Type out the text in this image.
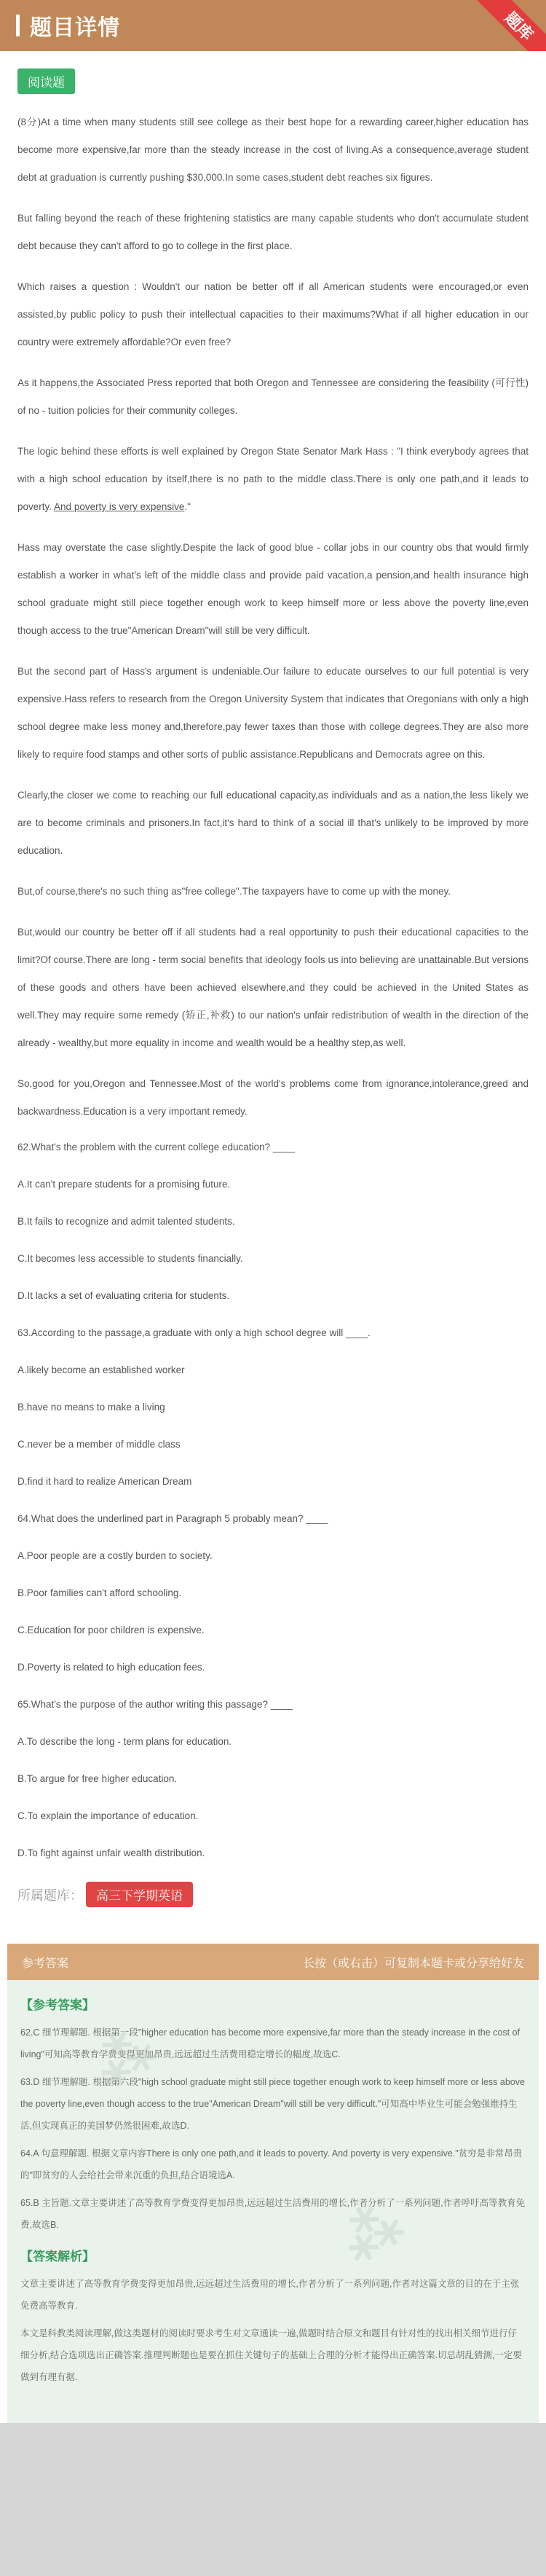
题目详情	题库
阅读题

(8分)At a time when many students still see college as their best hope for a rewarding career,higher education has become more expensive,far more than the steady increase in the cost of living.As a consequence,average student debt at graduation is currently pushing $30,000.In some cases,student debt reaches six figures.

But falling beyond the reach of these frightening statistics are many capable students who don't accumulate student debt because they can't afford to go to college in the first place.

Which raises a question : Wouldn't our nation be better off if all American students were encouraged,or even assisted,by public policy to push their intellectual capacities to their maximums?What if all higher education in our country were extremely affordable?Or even free?

As it happens,the Associated Press reported that both Oregon and Tennessee are considering the feasibility (可行性) of no - tuition policies for their community colleges.

The logic behind these efforts is well explained by Oregon State Senator Mark Hass : "I think everybody agrees that with a high school education by itself,there is no path to the middle class.There is only one path,and it leads to poverty. And poverty is very expensive."

Hass may overstate the case slightly.Despite the lack of good blue - collar jobs in our country obs that would firmly establish a worker in what's left of the middle class and provide paid vacation,a pension,and health insurance high school graduate might still piece together enough work to keep himself more or less above the poverty line,even though access to the true"American Dream"will still be very difficult.

But the second part of Hass's argument is undeniable.Our failure to educate ourselves to our full potential is very expensive.Hass refers to research from the Oregon University System that indicates that Oregonians with only a high school degree make less money and,therefore,pay fewer taxes than those with college degrees.They are also more likely to require food stamps and other sorts of public assistance.Republicans and Democrats agree on this.

Clearly,the closer we come to reaching our full educational capacity,as individuals and as a nation,the less likely we are to become criminals and prisoners.In fact,it's hard to think of a social ill that's unlikely to be improved by more education.

But,of course,there's no such thing as"free college".The taxpayers have to come up with the money.

But,would our country be better off if all students had a real opportunity to push their educational capacities to the limit?Of course.There are long - term social benefits that ideology fools us into believing are unattainable.But versions of these goods and others have been achieved elsewhere,and they could be achieved in the United States as well.They may require some remedy (矫正,补救) to our nation's unfair redistribution of wealth in the direction of the already - wealthy,but more equality in income and wealth would be a healthy step,as well.

So,good for you,Oregon and Tennessee.Most of the world's problems come from ignorance,intolerance,greed and backwardness.Education is a very important remedy.

62.What's the problem with the current college education? ____

A.It can't prepare students for a promising future.

B.It fails to recognize and admit talented students.

C.It becomes less accessible to students financially.

D.It lacks a set of evaluating criteria for students.

63.According to the passage,a graduate with only a high school degree will ____.

A.likely become an established worker

B.have no means to make a living

C.never be a member of middle class

D.find it hard to realize American Dream

64.What does the underlined part in Paragraph 5 probably mean? ____

A.Poor people are a costly burden to society.

B.Poor families can't afford schooling.

C.Education for poor children is expensive.

D.Poverty is related to high education fees.

65.What's the purpose of the author writing this passage? ____

A.To describe the long - term plans for education.

B.To argue for free higher education.

C.To explain the importance of education.

D.To fight against unfair wealth distribution.

所属题库：	高三下学期英语
参考答案	长按（或右击）可复制本题卡或分享给好友
⁂
⁂
【参考答案】

62.C 细节理解题. 根据第一段"higher education has become more expensive,far more than the steady increase in the cost of living"可知高等教育学费变得更加昂贵,远远超过生活费用稳定增长的幅度,故选C.

63.D 细节理解题. 根据第六段"high school graduate might still piece together enough work to keep himself more or less above the poverty line,even though access to the true"American Dream"will still be very difficult."可知高中毕业生可能会勉强维持生活,但实现真正的美国梦仍然很困难,故选D.

64.A 句意理解题. 根据文章内容There is only one path,and it leads to poverty. And poverty is very expensive."贫穷是非常昂贵的"即贫穷的人会给社会带来沉重的负担,结合语境选A.

65.B 主旨题.文章主要讲述了高等教育学费变得更加昂贵,远远超过生活费用的增长,作者分析了一系列问题,作者呼吁高等教育免费,故选B.

【答案解析】

文章主要讲述了高等教育学费变得更加昂贵,远远超过生活费用的增长,作者分析了一系列问题,作者对这篇文章的目的在于主张免费高等教育.

本文是科教类阅读理解,做这类题材的阅读时要求考生对文章通读一遍,做题时结合原文和题目有针对性的找出相关细节进行仔细分析,结合选项选出正确答案.推理判断题也是要在抓住关键句子的基础上合理的分析才能得出正确答案.切忌胡乱猜测,一定要做到有理有据.
